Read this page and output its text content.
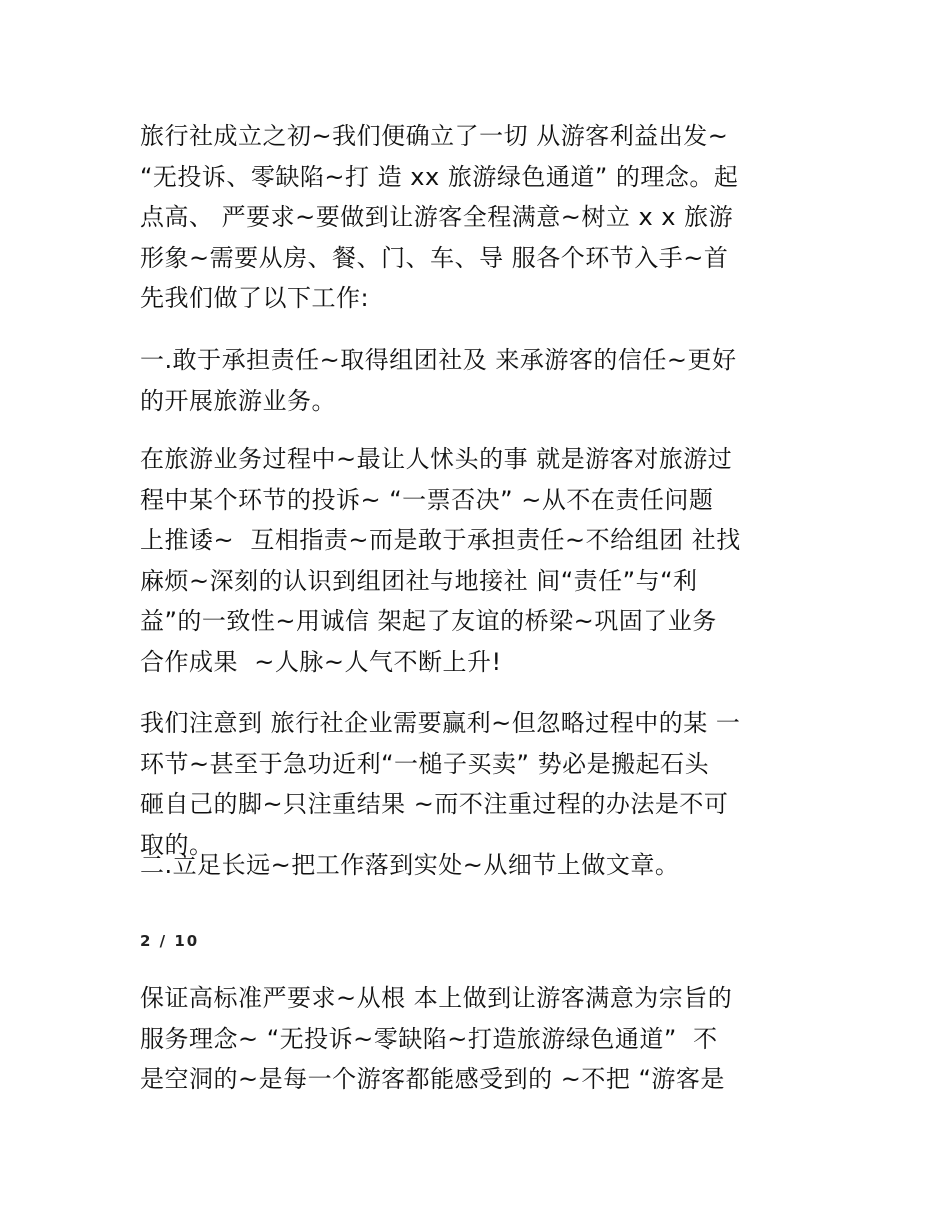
旅行社成立之初~我们便确立了一切 从游客利益出发~
“无投诉、零缺陷~打 造 xx 旅游绿色通道” 的理念。起
点高、 严要求~要做到让游客全程满意~树立 x x 旅游
形象~需要从房、餐、门、车、导 服各个环节入手~首
先我们做了以下工作:

一.敢于承担责任~取得组团社及 来承游客的信任~更好
的开展旅游业务。

在旅游业务过程中~最让人怵头的事 就是游客对旅游过
程中某个环节的投诉~ “一票否决” ~从不在责任问题
上推诿~  互相指责~而是敢于承担责任~不给组团 社找
麻烦~深刻的认识到组团社与地接社 间“责任”与“利
益”的一致性~用诚信 架起了友谊的桥梁~巩固了业务
合作成果  ~人脉~人气不断上升!

我们注意到 旅行社企业需要赢利~但忽略过程中的某 一
环节~甚至于急功近利“一槌子买卖” 势必是搬起石头
砸自己的脚~只注重结果 ~而不注重过程的办法是不可
取的。

二.立足长远~把工作落到实处~从细节上做文章。

2 / 10

保证高标准严要求~从根 本上做到让游客满意为宗旨的
服务理念~ “无投诉~零缺陷~打造旅游绿色通道”  不
是空洞的~是每一个游客都能感受到的 ~不把 “游客是
